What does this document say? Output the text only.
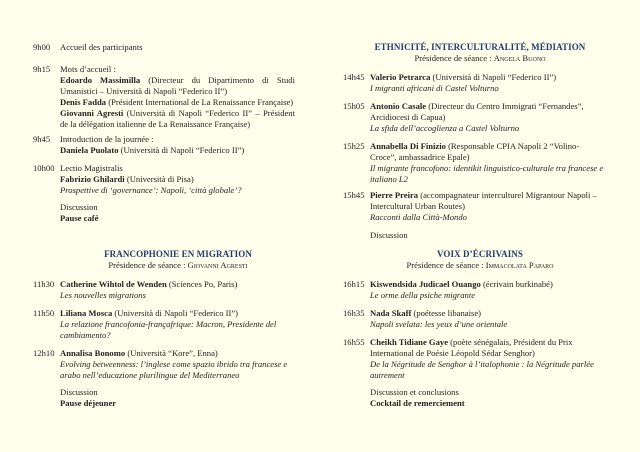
9h00	Accueil des participants
9h15	Mots d’accueil :
Edoardo Massimilla (Directeur du Dipartimento di Studi Umanistici – Università di Napoli “Federico II”)
Denis Fadda (Président International de La Renaissance Française)
Giovanni Agresti (Università di Napoli “Federico II” – Président de la délégation italienne de La Renaissance Française)
9h45	Introduction de la journée :
Daniela Puolato (Università di Napoli “Federico II”)
10h00 Lectio Magistralis
Fabrizio Ghilardi (Università di Pisa)
Prospettive di ‘governance’: Napoli, ‘città globale’?
Discussion
Pause café
FRANCOPHONIE EN MIGRATION
Présidence de séance : Giovanni Agresti
11h30 Catherine Wihtol de Wenden (Sciences Po, Paris)
Les nouvelles migrations
11h50 Liliana Mosca (Università di Napoli “Federico II”)
La relazione francofonia-françafrique: Macron, Presidente del cambiamento?
12h10 Annalisa Bonomo (Università “Kore”, Enna)
Evolving betweenness: l’inglese come spazio ibrido tra francese e arabo nell’educazione plurilingue del Mediterraneo
Discussion
Pause déjeuner
ETHNICITÉ, INTERCULTURALITÉ, MÉDIATION
Présidence de séance : Angela Buono
14h45 Valerio Petrarca (Università di Napoli “Federico II”)
I migranti africani di Castel Volturno
15h05 Antonio Casale (Directeur du Centro Immigrati “Fernandes”, Arcidiocesi di Capua)
La sfida dell’accoglienza a Castel Volturno
15h25 Annabella Di Finizio (Responsable CPIA Napoli 2 “Volino-Croce”, ambassadrice Epale)
Il migrante francofono: identikit linguistico-culturale tra francese e italiano L2
15h45 Pierre Preira (accompagnateur interculturel Migrantour Napoli – Intercultural Urban Routes)
Racconti dalla Città-Mondo
Discussion
VOIX D’ÉCRIVAINS
Présidence de séance : Immacolata Paparo
16h15 Kiswendsida Judicael Ouango (écrivain burkinabé)
Le orme della psiche migrante
16h35 Nada Skaff (poétesse libanaise)
Napoli svelata: les yeux d’une orientale
16h55 Cheikh Tidiane Gaye (poète sénégalais, Président du Prix International de Poésie Léopold Sédar Senghor)
De la Négritude de Senghor à l’italophonie : la Négritude parlée autrement
Discussion et conclusions
Cocktail de remerciement
